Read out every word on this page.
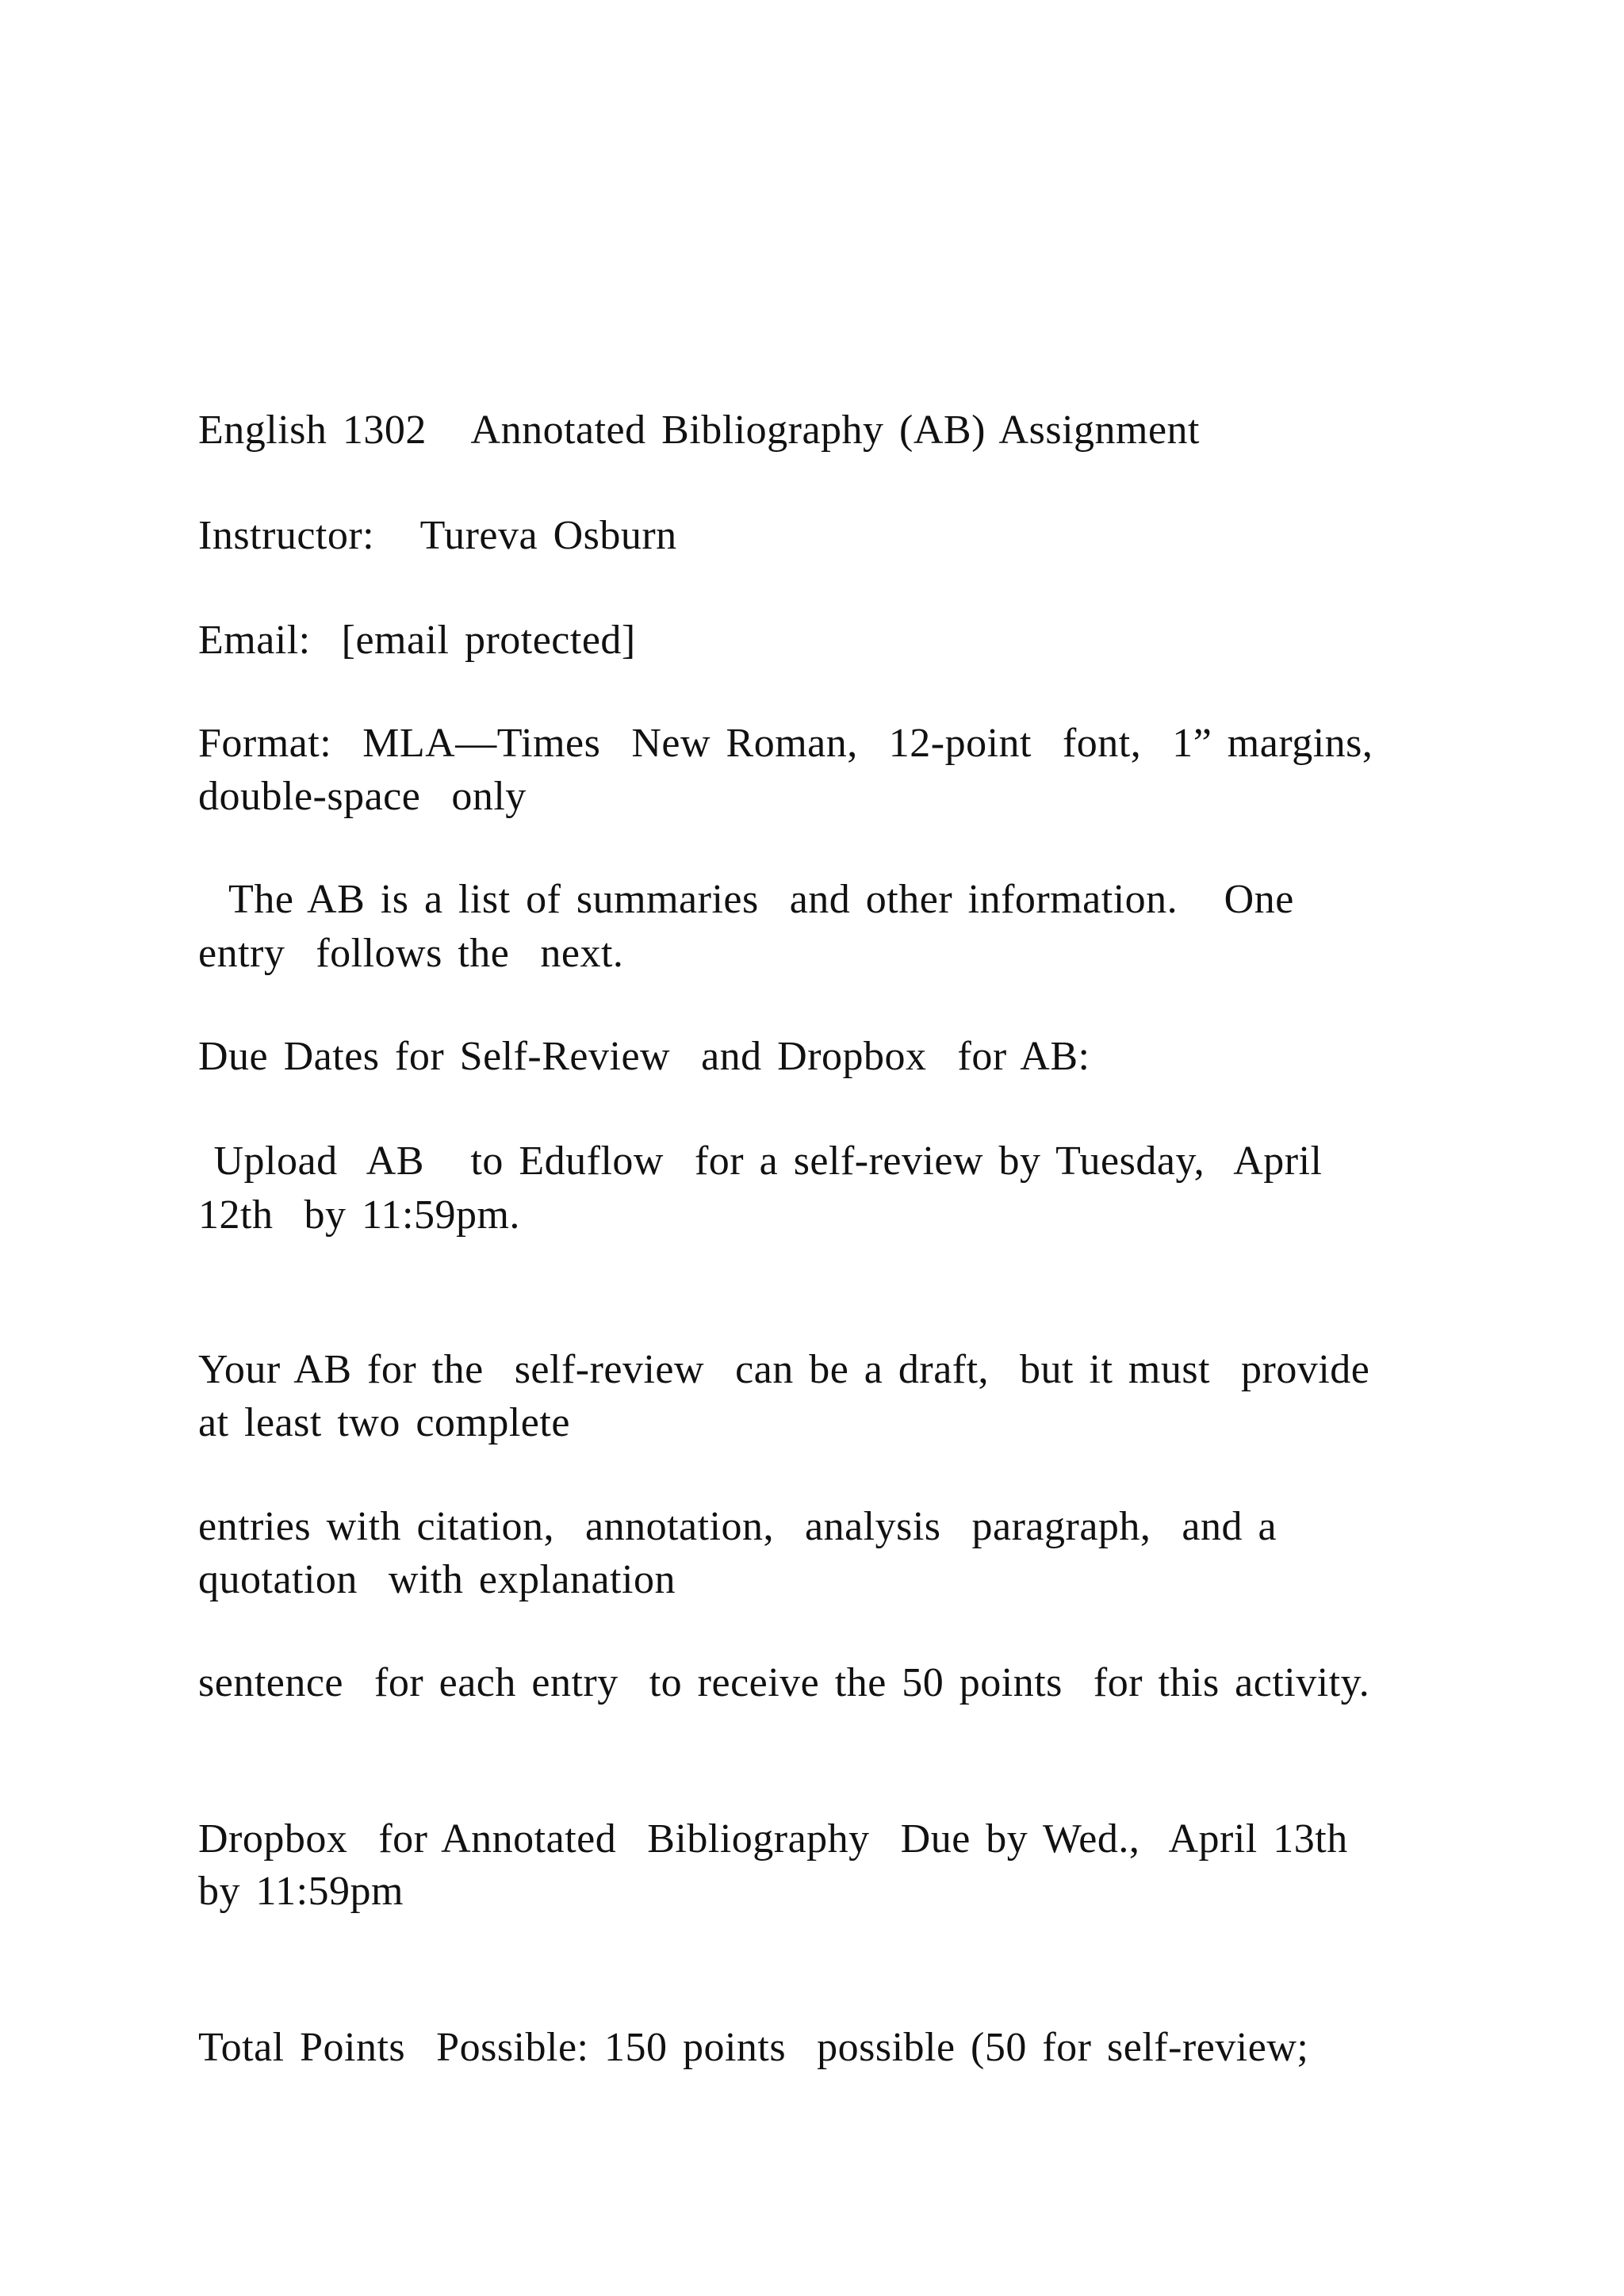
English 1302   Annotated Bibliography (AB) Assignment

Instructor:   Tureva Osburn

Email:  [email protected]

Format:  MLA—Times  New Roman,  12-point  font,  1” margins,

double-space  only

The AB is a list of summaries  and other information.   One

entry  follows the  next.

Due Dates for Self-Review  and Dropbox  for AB:

Upload  AB   to Eduflow  for a self-review by Tuesday,  April

12th  by 11:59pm.

Your AB for the  self-review  can be a draft,  but it must  provide

at least two complete

entries with citation,  annotation,  analysis  paragraph,  and a

quotation  with explanation

sentence  for each entry  to receive the 50 points  for this activity.

Dropbox  for Annotated  Bibliography  Due by Wed.,  April 13th

by 11:59pm

Total Points  Possible: 150 points  possible (50 for self-review;
